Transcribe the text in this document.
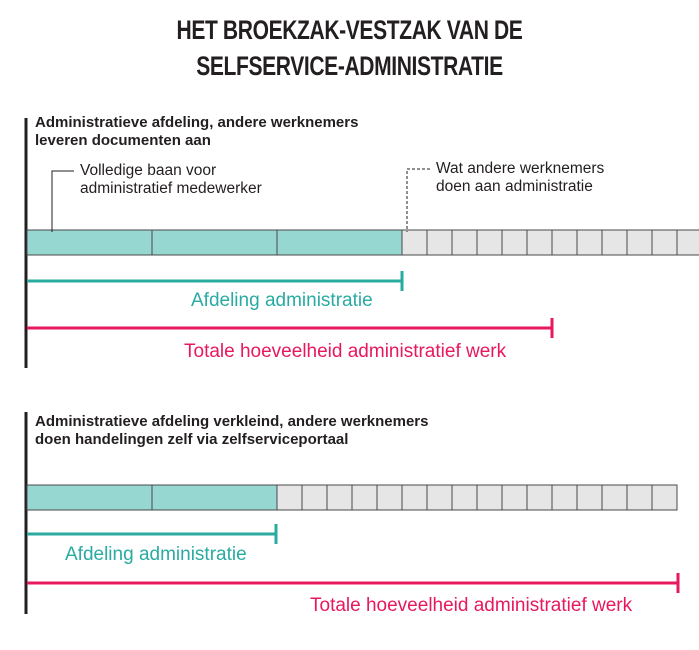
HET BROEKZAK-VESTZAK VAN DE
SELFSERVICE-ADMINISTRATIE

Administratieve afdeling, andere werknemers

leveren documenten aan

Volledige baan voor
administratief medewerker
Wat andere werknemers
doen aan administratie
Afdeling administratie
Totale hoeveelheid administratief werk

Administratieve afdeling verkleind, andere werknemers

doen handelingen zelf via zelfserviceportaal

Afdeling administratie
Totale hoeveelheid administratief werk
